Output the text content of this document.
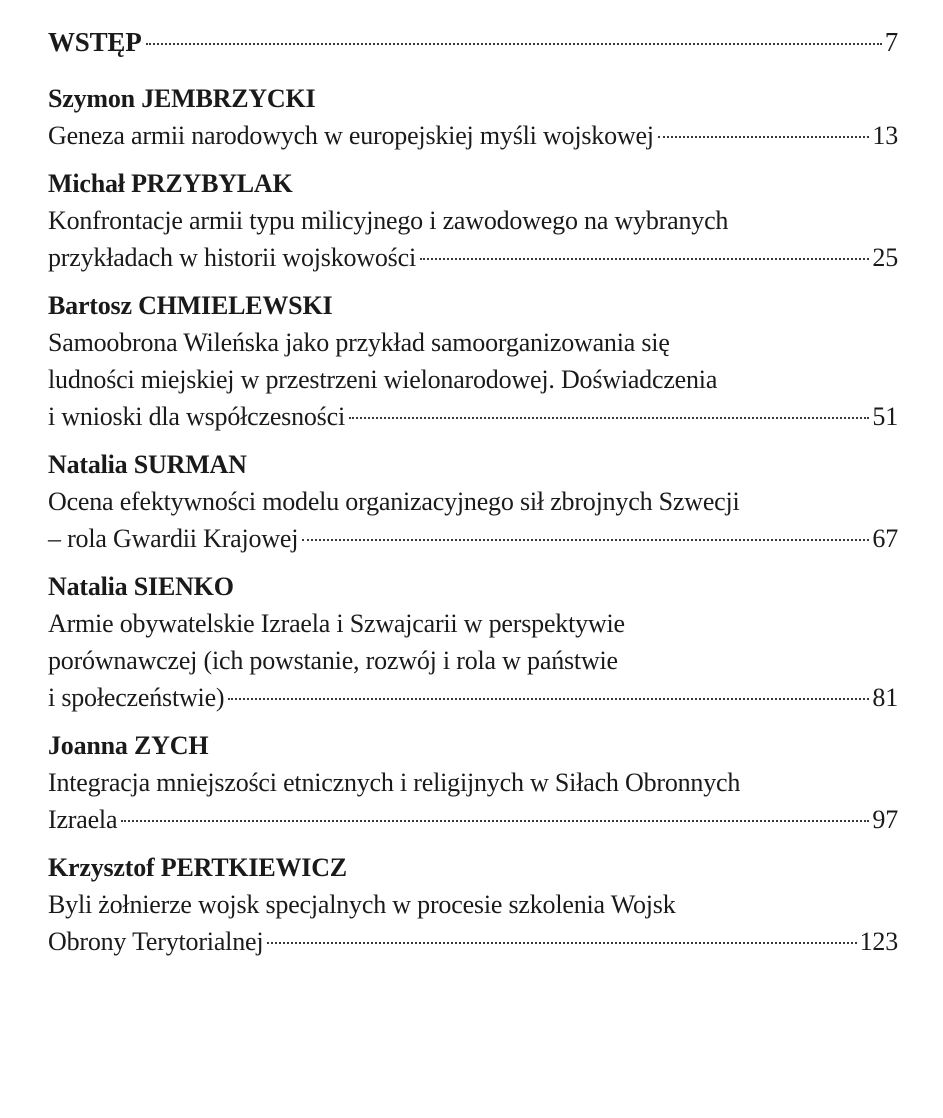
WSTĘP	7
Szymon JEMBRZYCKI
Geneza armii narodowych w europejskiej myśli wojskowej	13
Michał PRZYBYLAK
Konfrontacje armii typu milicyjnego i zawodowego na wybranych
przykładach w historii wojskowości	25
Bartosz CHMIELEWSKI
Samoobrona Wileńska jako przykład samoorganizowania się
ludności miejskiej w przestrzeni wielonarodowej. Doświadczenia
i wnioski dla współczesności	51
Natalia SURMAN
Ocena efektywności modelu organizacyjnego sił zbrojnych Szwecji
– rola Gwardii Krajowej	67
Natalia SIENKO
Armie obywatelskie Izraela i Szwajcarii w perspektywie
porównawczej (ich powstanie, rozwój i rola w państwie
i społeczeństwie)	81
Joanna ZYCH
Integracja mniejszości etnicznych i religijnych w Siłach Obronnych
Izraela	97
Krzysztof PERTKIEWICZ
Byli żołnierze wojsk specjalnych w procesie szkolenia Wojsk
Obrony Terytorialnej	123
